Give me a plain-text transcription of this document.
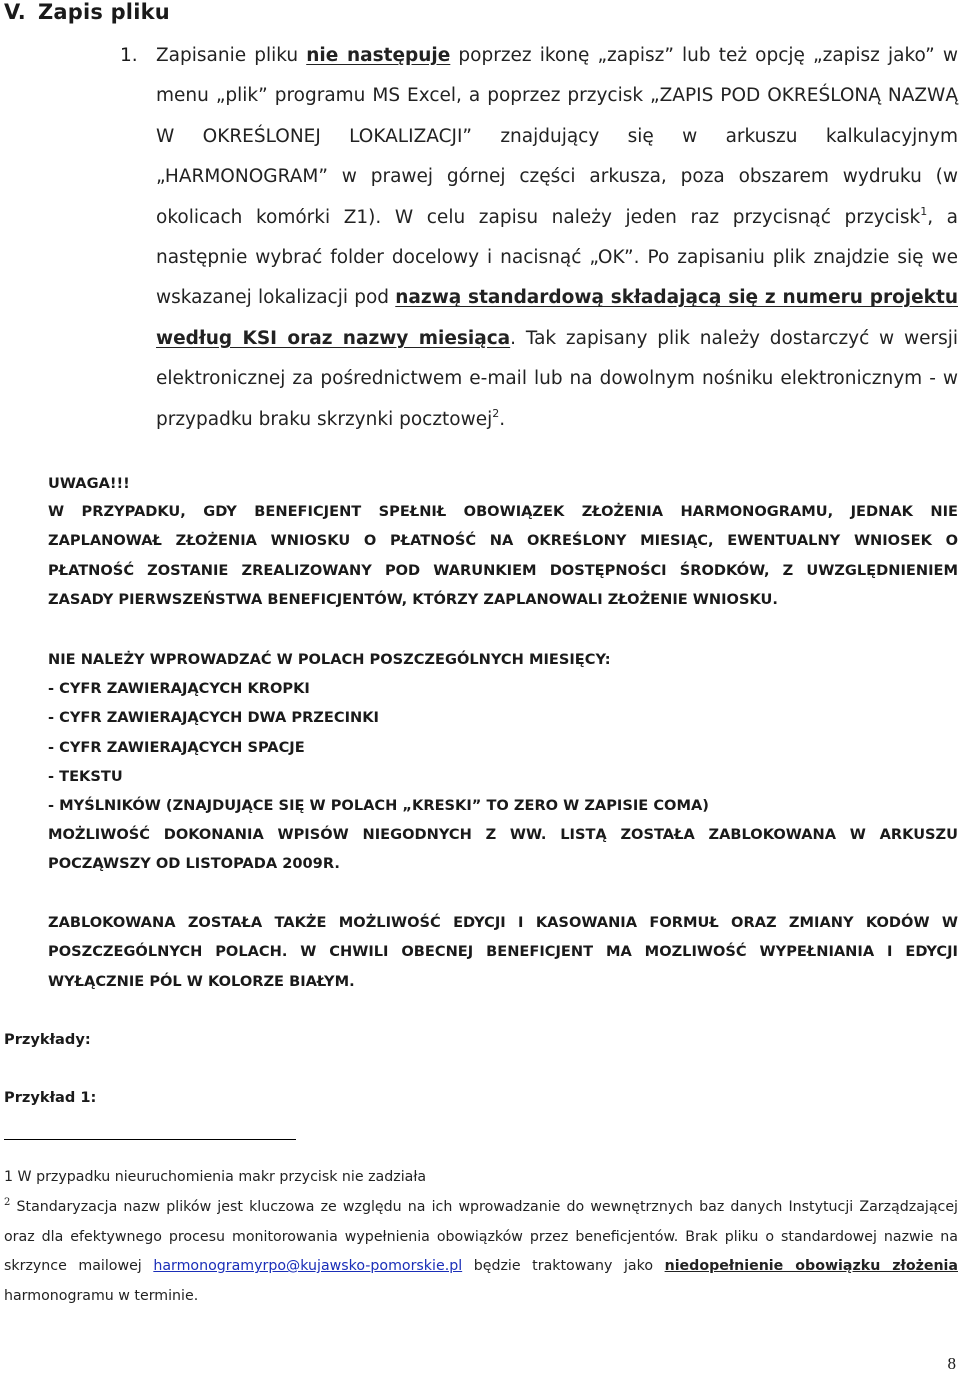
V. Zapis pliku
1. Zapisanie pliku nie następuje poprzez ikonę „zapisz” lub też opcję „zapisz jako” w menu „plik” programu MS Excel, a poprzez przycisk „ZAPIS POD OKREŚLONĄ NAZWĄ W OKREŚLONEJ LOKALIZACJI” znajdujący się w arkuszu kalkulacyjnym „HARMONOGRAM” w prawej górnej części arkusza, poza obszarem wydruku (w okolicach komórki Z1). W celu zapisu należy jeden raz przycisnąć przycisk$^1$, a następnie wybrać folder docelowy i nacisnąć „OK”. Po zapisaniu plik znajdzie się we wskazanej lokalizacji pod nazwą standardową składającą się z numeru projektu według KSI oraz nazwy miesiąca. Tak zapisany plik należy dostarczyć w wersji elektronicznej za pośrednictwem e-mail lub na dowolnym nośniku elektronicznym - w przypadku braku skrzynki pocztowej$^2$.
UWAGA!!!
W PRZYPADKU, GDY BENEFICJENT SPEŁNIŁ OBOWIĄZEK ZŁOŻENIA HARMONOGRAMU, JEDNAK NIE ZAPLANOWAŁ ZŁOŻENIA WNIOSKU O PŁATNOŚĆ NA OKREŚLONY MIESIĄC, EWENTUALNY WNIOSEK O PŁATNOŚĆ ZOSTANIE ZREALIZOWANY POD WARUNKIEM DOSTĘPNOŚCI ŚRODKÓW, Z UWZGLĘDNIENIEM ZASADY PIERWSZEŃSTWA BENEFICJENTÓW, KTÓRZY ZAPLANOWALI ZŁOŻENIE WNIOSKU.
NIE NALEŻY WPROWADZAĆ W POLACH POSZCZEGÓLNYCH MIESIĘCY:
- CYFR ZAWIERAJĄCYCH KROPKI
- CYFR ZAWIERAJĄCYCH DWA PRZECINKI
- CYFR ZAWIERAJĄCYCH SPACJE
- TEKSTU
- MYŚLNIKÓW (ZNAJDUJĄCE SIĘ W POLACH „KRESKI” TO ZERO W ZAPISIE COMA)
MOŻLIWOŚĆ DOKONANIA WPISÓW NIEGODNYCH Z WW. LISTĄ ZOSTAŁA ZABLOKOWANA W ARKUSZU POCZĄWSZY OD LISTOPADA 2009R.
ZABLOKOWANA ZOSTAŁA TAKŻE MOŻLIWOŚĆ EDYCJI I KASOWANIA FORMUŁ ORAZ ZMIANY KODÓW W POSZCZEGÓLNYCH POLACH. W CHWILI OBECNEJ BENEFICJENT MA MOZLIWOŚĆ WYPEŁNIANIA I EDYCJI WYŁĄCZNIE PÓL W KOLORZE BIAŁYM.
Przykłady:
Przykład 1:
1 W przypadku nieuruchomienia makr przycisk nie zadziała
$^2$ Standaryzacja nazw plików jest kluczowa ze względu na ich wprowadzanie do wewnętrznych baz danych Instytucji Zarządzającej oraz dla efektywnego procesu monitorowania wypełnienia obowiązków przez beneficjentów. Brak pliku o standardowej nazwie na skrzynce mailowej harmonogramyrpo@kujawsko-pomorskie.pl będzie traktowany jako niedopełnienie obowiązku złożenia harmonogramu w terminie.
8
